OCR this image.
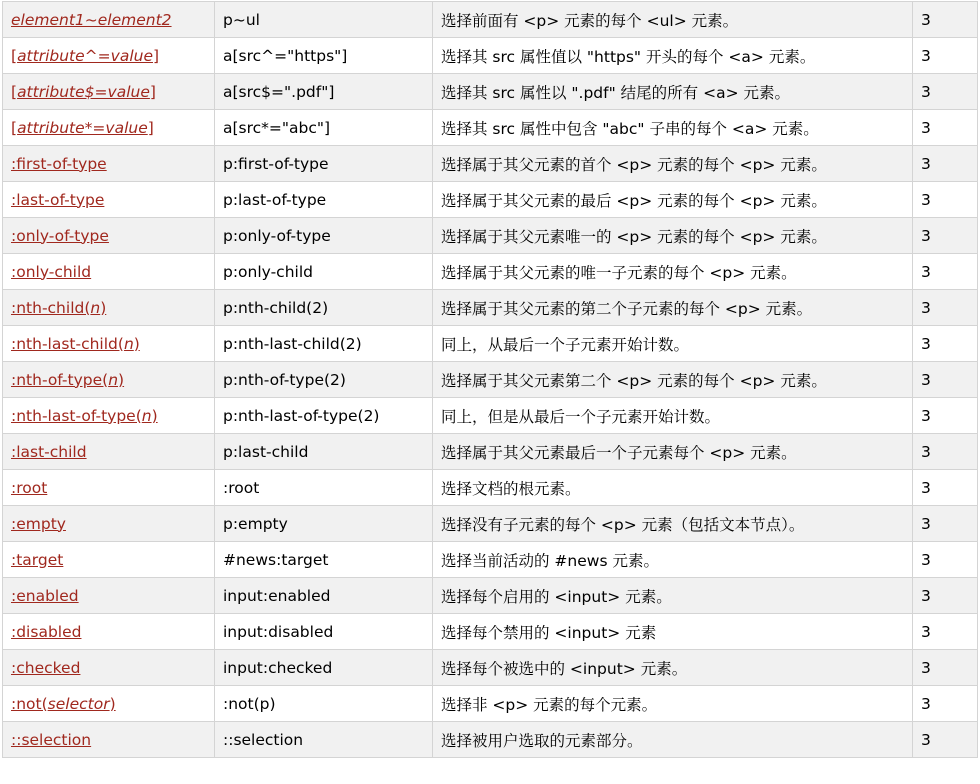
element1~element2	p~ul	选择前面有 <p> 元素的每个 <ul> 元素。	3
[attribute^=value]	a[src^="https"]	选择其 src 属性值以 "https" 开头的每个 <a> 元素。	3
[attribute$=value]	a[src$=".pdf"]	选择其 src 属性以 ".pdf" 结尾的所有 <a> 元素。	3
[attribute*=value]	a[src*="abc"]	选择其 src 属性中包含 "abc" 子串的每个 <a> 元素。	3
:first-of-type	p:first-of-type	选择属于其父元素的首个 <p> 元素的每个 <p> 元素。	3
:last-of-type	p:last-of-type	选择属于其父元素的最后 <p> 元素的每个 <p> 元素。	3
:only-of-type	p:only-of-type	选择属于其父元素唯一的 <p> 元素的每个 <p> 元素。	3
:only-child	p:only-child	选择属于其父元素的唯一子元素的每个 <p> 元素。	3
:nth-child(n)	p:nth-child(2)	选择属于其父元素的第二个子元素的每个 <p> 元素。	3
:nth-last-child(n)	p:nth-last-child(2)	同上，从最后一个子元素开始计数。	3
:nth-of-type(n)	p:nth-of-type(2)	选择属于其父元素第二个 <p> 元素的每个 <p> 元素。	3
:nth-last-of-type(n)	p:nth-last-of-type(2)	同上，但是从最后一个子元素开始计数。	3
:last-child	p:last-child	选择属于其父元素最后一个子元素每个 <p> 元素。	3
:root	:root	选择文档的根元素。	3
:empty	p:empty	选择没有子元素的每个 <p> 元素（包括文本节点）。	3
:target	#news:target	选择当前活动的 #news 元素。	3
:enabled	input:enabled	选择每个启用的 <input> 元素。	3
:disabled	input:disabled	选择每个禁用的 <input> 元素	3
:checked	input:checked	选择每个被选中的 <input> 元素。	3
:not(selector)	:not(p)	选择非 <p> 元素的每个元素。	3
::selection	::selection	选择被用户选取的元素部分。	3
